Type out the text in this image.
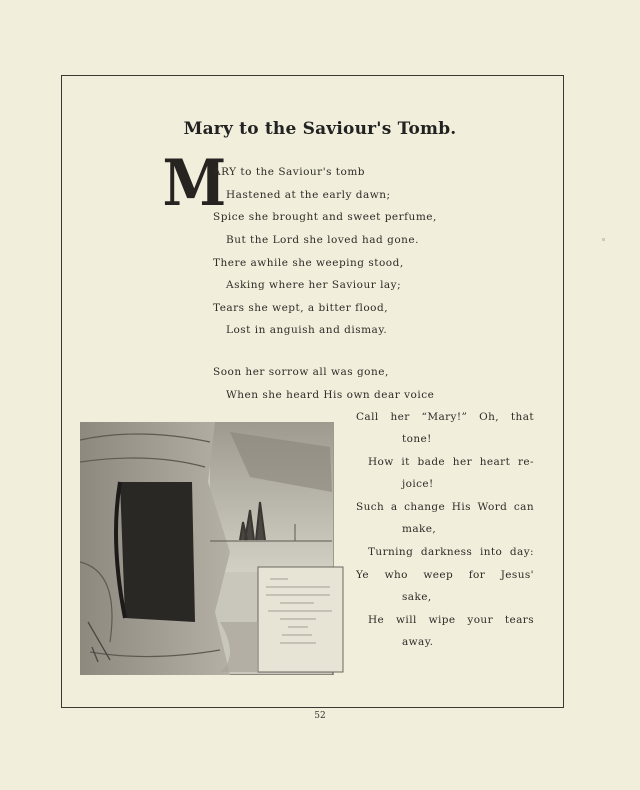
Mary to the Saviour's Tomb.
M
ARY to the Saviour's tomb
Hastened at the early dawn;
Spice she brought and sweet perfume,
But the Lord she loved had gone.
There awhile she weeping stood,
Asking where her Saviour lay;
Tears she wept, a bitter flood,
Lost in anguish and dismay.
Soon her sorrow all was gone,
When she heard His own dear voice
Call her “Mary!” Oh, that
tone!
How it bade her heart re-
joice!
Such a change His Word can
make,
Turning darkness into day:
Ye who weep for Jesus'
sake,
He will wipe your tears
away.
52
